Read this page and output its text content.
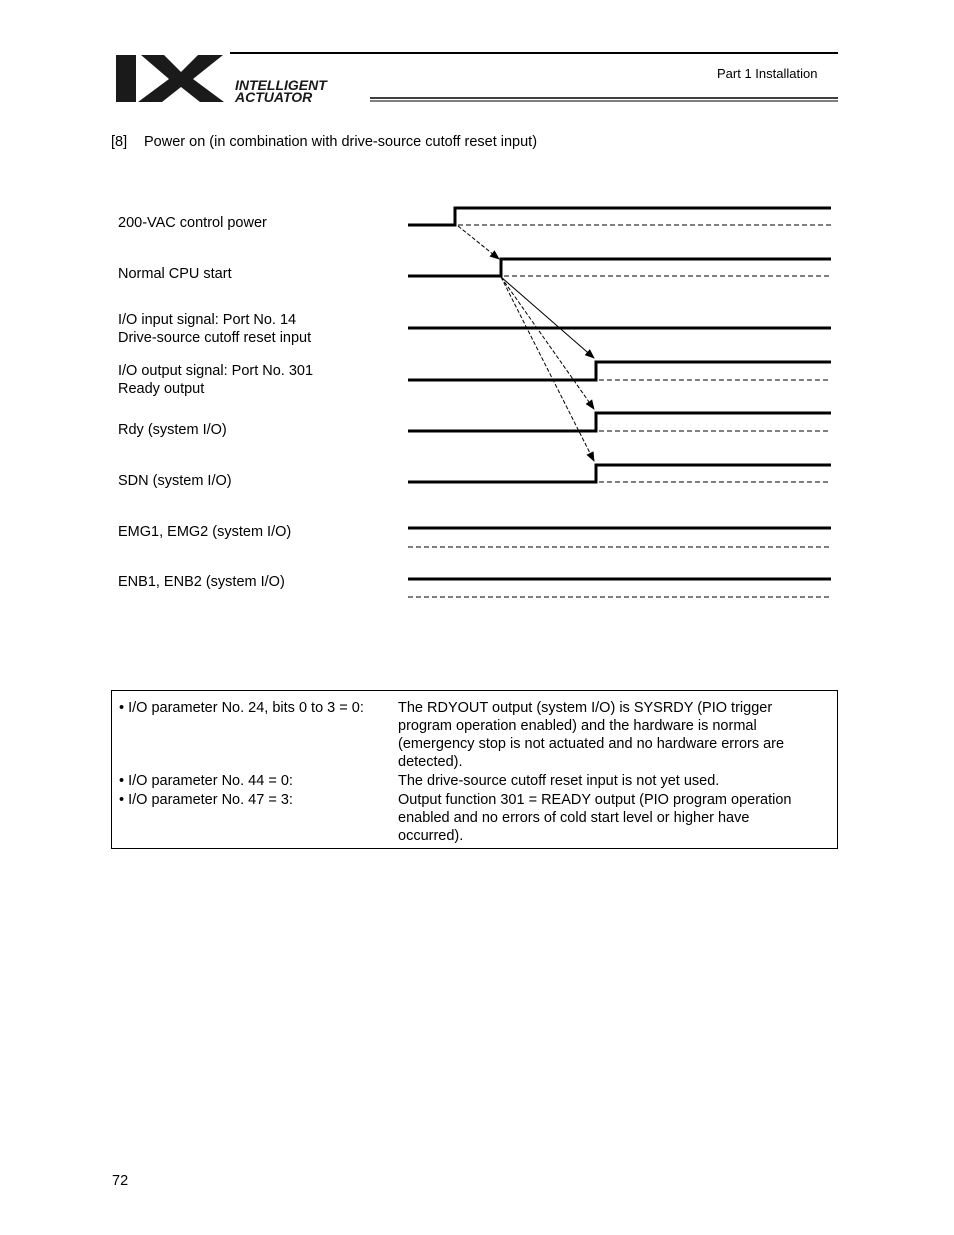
INTELLIGENT
ACTUATOR
Part 1 Installation
[8] Power on (in combination with drive-source cutoff reset input)
200-VAC control power
Normal CPU start
I/O input signal: Port No. 14
Drive-source cutoff reset input
I/O output signal: Port No. 301
Ready output
Rdy (system I/O)
SDN (system I/O)
EMG1, EMG2 (system I/O)
ENB1, ENB2 (system I/O)
• I/O parameter No. 24, bits 0 to 3 = 0:	The RDYOUT output (system I/O) is SYSRDY (PIO trigger
program operation enabled) and the hardware is normal
(emergency stop is not actuated and no hardware errors are
detected).
• I/O parameter No. 44 = 0:	The drive-source cutoff reset input is not yet used.
• I/O parameter No. 47 = 3:	Output function 301 = READY output (PIO program operation
enabled and no errors of cold start level or higher have
occurred).
72
